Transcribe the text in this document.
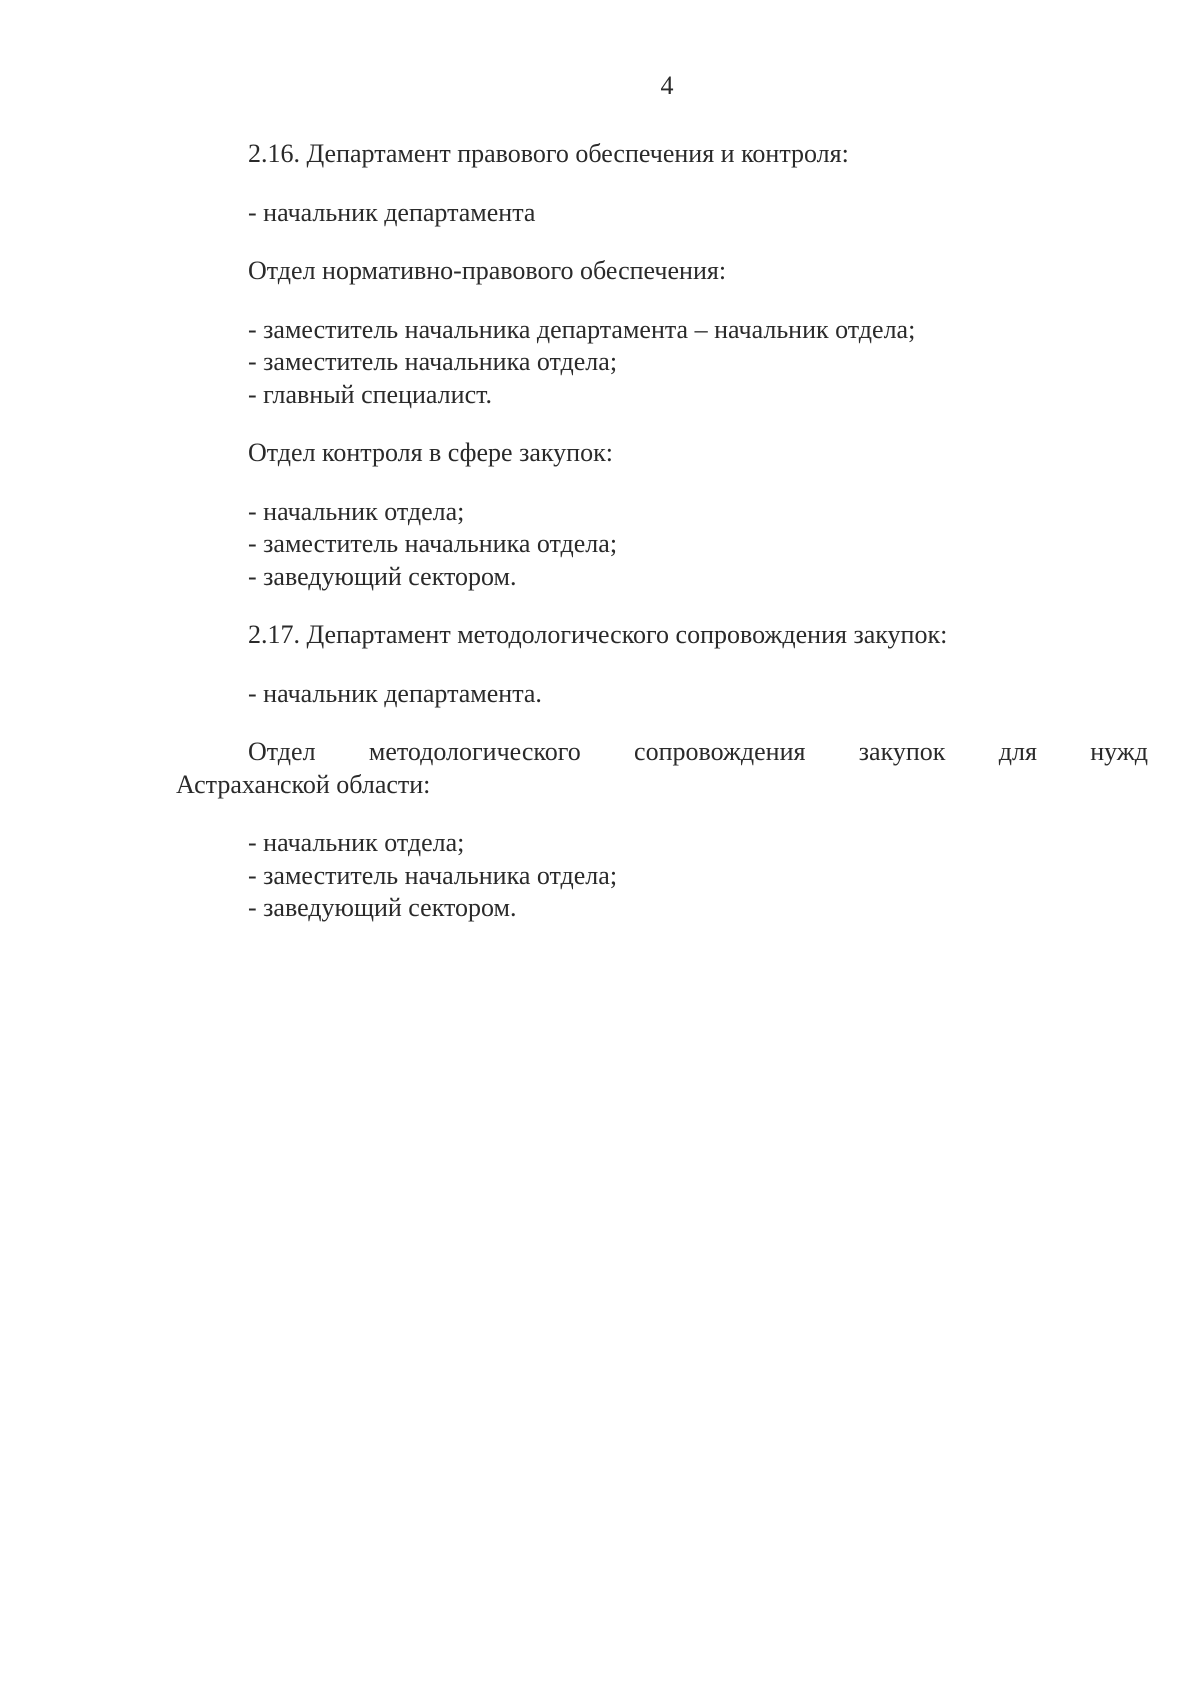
4

2.16. Департамент правового обеспечения и контроля:

- начальник департамента

Отдел нормативно-правового обеспечения:

- заместитель начальника департамента – начальник отдела;
- заместитель начальника отдела;
- главный специалист.

Отдел контроля в сфере закупок:

- начальник отдела;
- заместитель начальника отдела;
- заведующий сектором.

2.17. Департамент методологического сопровождения закупок:

- начальник департамента.
Отдел методологического сопровождения закупок для нужд
Астраханской области:
- начальник отдела;
- заместитель начальника отдела;
- заведующий сектором.
